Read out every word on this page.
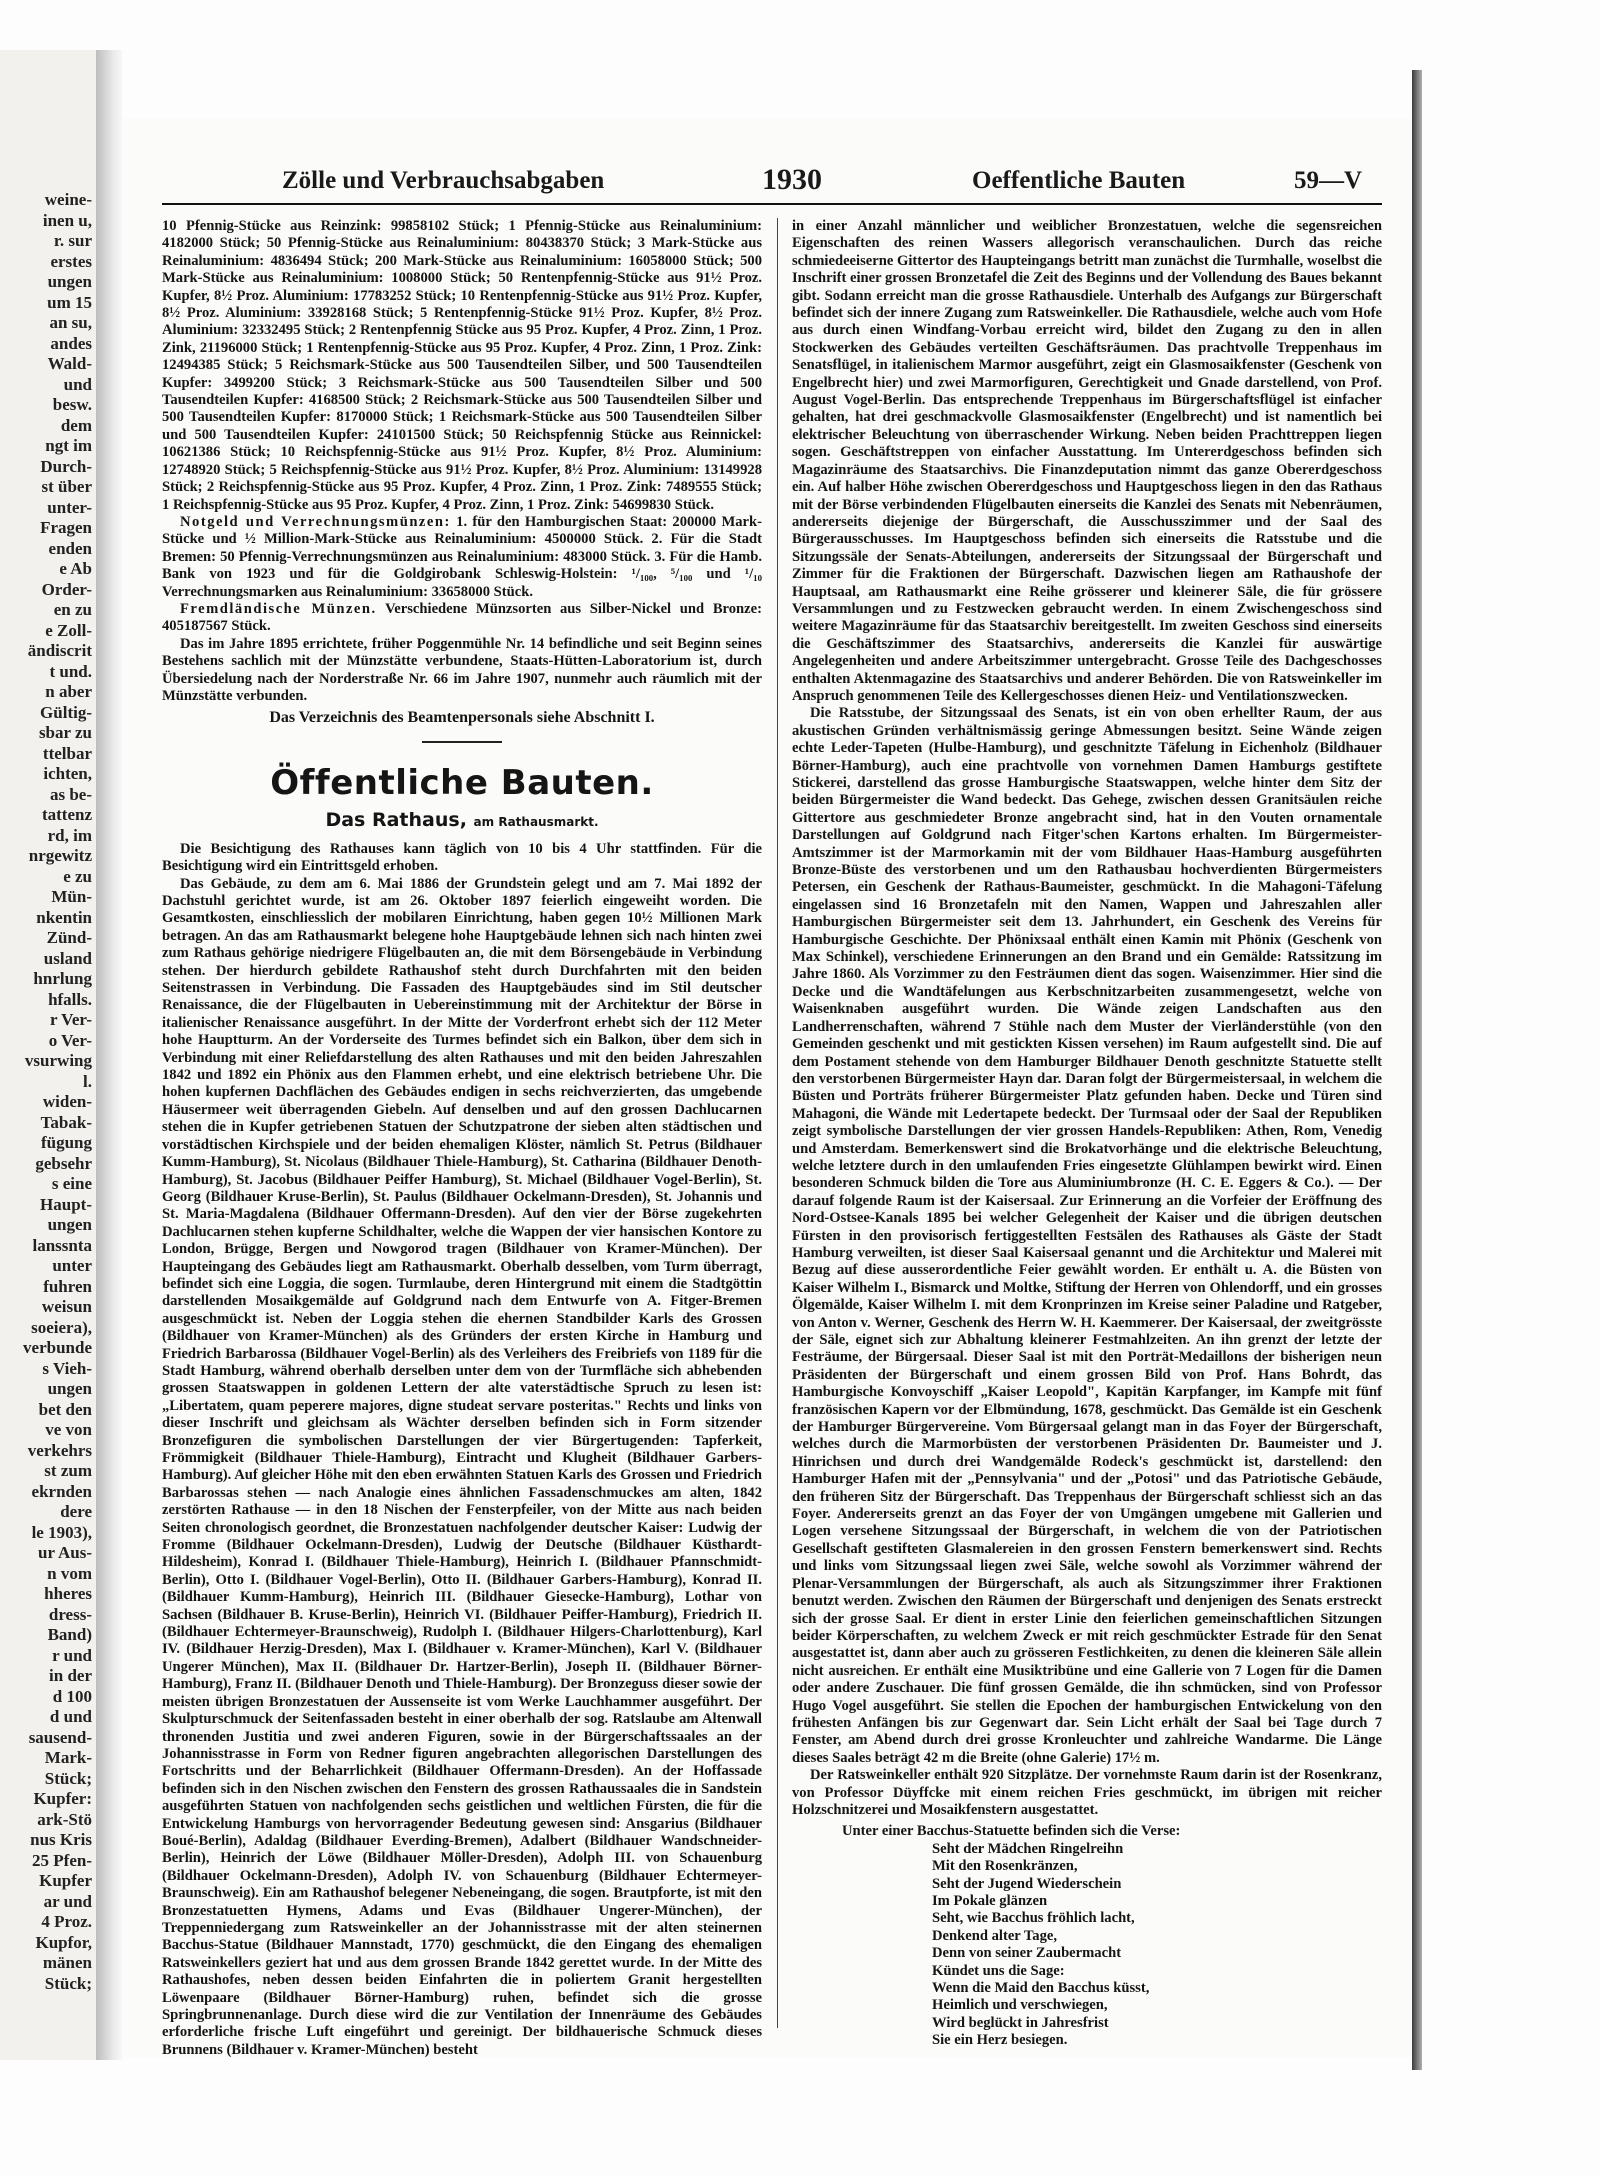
weine-
inen u,
r. sur
erstes
ungen
um 15
an su,
andes
Wald-
und
besw.
dem
ngt im
Durch-
st über
unter-
Fragen
enden
e Ab
Order-
en zu
e Zoll-
ändiscrit
t und.
n aber
Gültig-
sbar zu
ttelbar
ichten,
as be-
tattenz
rd, im
nrgewitz
e zu
Mün-
nkentin
Zünd-
usland
hnrlung
hfalls.
r Ver-
o Ver-
vsurwing
l.
widen-
Tabak-
fügung
gebsehr
s eine
Haupt-
ungen
lanssnta
unter
fuhren
weisun
soeiera),
verbunde
s Vieh-
ungen
bet den
ve von
verkehrs
st zum
ekrnden
dere
le 1903),
ur Aus-
n vom
hheres
dress-
Band)
r und
in der
d 100
d und
sausend-
Mark-
Stück;
Kupfer:
ark-Stö
nus Kris
25 Pfen-
Kupfer
ar und
4 Proz.
Kupfor,
mänen
Stück;
Zölle und Verbrauchsabgaben	1930	Oeffentliche Bauten	59—V

10 Pfennig-Stücke aus Reinzink: 99858102 Stück; 1 Pfennig-Stücke aus Reinaluminium: 4182000 Stück; 50 Pfennig-Stücke aus Reinaluminium: 80438370 Stück; 3 Mark-Stücke aus Reinaluminium: 4836494 Stück; 200 Mark-Stücke aus Reinaluminium: 16058000 Stück; 500 Mark-Stücke aus Reinaluminium: 1008000 Stück; 50 Rentenpfennig-Stücke aus 91½ Proz. Kupfer, 8½ Proz. Aluminium: 17783252 Stück; 10 Rentenpfennig-Stücke aus 91½ Proz. Kupfer, 8½ Proz. Aluminium: 33928168 Stück; 5 Rentenpfennig-Stücke 91½ Proz. Kupfer, 8½ Proz. Aluminium: 32332495 Stück; 2 Rentenpfennig Stücke aus 95 Proz. Kupfer, 4 Proz. Zinn, 1 Proz. Zink, 21196000 Stück; 1 Rentenpfennig-Stücke aus 95 Proz. Kupfer, 4 Proz. Zinn, 1 Proz. Zink: 12494385 Stück; 5 Reichsmark-Stücke aus 500 Tausendteilen Silber, und 500 Tausendteilen Kupfer: 3499200 Stück; 3 Reichsmark-Stücke aus 500 Tausendteilen Silber und 500 Tausendteilen Kupfer: 4168500 Stück; 2 Reichsmark-Stücke aus 500 Tausendteilen Silber und 500 Tausendteilen Kupfer: 8170000 Stück; 1 Reichsmark-Stücke aus 500 Tausendteilen Silber und 500 Tausendteilen Kupfer: 24101500 Stück; 50 Reichspfennig Stücke aus Reinnickel: 10621386 Stück; 10 Reichspfennig-Stücke aus 91½ Proz. Kupfer, 8½ Proz. Aluminium: 12748920 Stück; 5 Reichspfennig-Stücke aus 91½ Proz. Kupfer, 8½ Proz. Aluminium: 13149928 Stück; 2 Reichspfennig-Stücke aus 95 Proz. Kupfer, 4 Proz. Zinn, 1 Proz. Zink: 7489555 Stück; 1 Reichspfennig-Stücke aus 95 Proz. Kupfer, 4 Proz. Zinn, 1 Proz. Zink: 54699830 Stück.

Notgeld und Verrechnungsmünzen: 1. für den Hamburgischen Staat: 200000 Mark-Stücke und ½ Million-Mark-Stücke aus Reinaluminium: 4500000 Stück. 2. Für die Stadt Bremen: 50 Pfennig-Verrechnungsmünzen aus Reinaluminium: 483000 Stück. 3. Für die Hamb. Bank von 1923 und für die Goldgirobank Schleswig-Holstein: ¹/₁₀₀, ⁵/₁₀₀ und ¹/₁₀ Verrechnungsmarken aus Reinaluminium: 33658000 Stück.

Fremdländische Münzen. Verschiedene Münzsorten aus Silber-Nickel und Bronze: 405187567 Stück.

Das im Jahre 1895 errichtete, früher Poggenmühle Nr. 14 befindliche und seit Beginn seines Bestehens sachlich mit der Münzstätte verbundene, Staats-Hütten-Laboratorium ist, durch Übersiedelung nach der Norderstraße Nr. 66 im Jahre 1907, nunmehr auch räumlich mit der Münzstätte verbunden.

Das Verzeichnis des Beamtenpersonals siehe Abschnitt I.

Öffentliche Bauten.
Das Rathaus, am Rathausmarkt.

Die Besichtigung des Rathauses kann täglich von 10 bis 4 Uhr stattfinden. Für die Besichtigung wird ein Eintrittsgeld erhoben.

Das Gebäude, zu dem am 6. Mai 1886 der Grundstein gelegt und am 7. Mai 1892 der Dachstuhl gerichtet wurde, ist am 26. Oktober 1897 feierlich eingeweiht worden. Die Gesamtkosten, einschliesslich der mobilaren Einrichtung, haben gegen 10½ Millionen Mark betragen. An das am Rathausmarkt belegene hohe Hauptgebäude lehnen sich nach hinten zwei zum Rathaus gehörige niedrigere Flügelbauten an, die mit dem Börsengebäude in Verbindung stehen. Der hierdurch gebildete Rathaushof steht durch Durchfahrten mit den beiden Seitenstrassen in Verbindung. Die Fassaden des Hauptgebäudes sind im Stil deutscher Renaissance, die der Flügelbauten in Uebereinstimmung mit der Architektur der Börse in italienischer Renaissance ausgeführt. In der Mitte der Vorderfront erhebt sich der 112 Meter hohe Hauptturm. An der Vorderseite des Turmes befindet sich ein Balkon, über dem sich in Verbindung mit einer Reliefdarstellung des alten Rathauses und mit den beiden Jahreszahlen 1842 und 1892 ein Phönix aus den Flammen erhebt, und eine elektrisch betriebene Uhr. Die hohen kupfernen Dachflächen des Gebäudes endigen in sechs reichverzierten, das umgebende Häusermeer weit überragenden Giebeln. Auf denselben und auf den grossen Dachlucarnen stehen die in Kupfer getriebenen Statuen der Schutzpatrone der sieben alten städtischen und vorstädtischen Kirchspiele und der beiden ehemaligen Klöster, nämlich St. Petrus (Bildhauer Kumm-Hamburg), St. Nicolaus (Bildhauer Thiele-Hamburg), St. Catharina (Bildhauer Denoth-Hamburg), St. Jacobus (Bildhauer Peiffer Hamburg), St. Michael (Bildhauer Vogel-Berlin), St. Georg (Bildhauer Kruse-Berlin), St. Paulus (Bildhauer Ockelmann-Dresden), St. Johannis und St. Maria-Magdalena (Bildhauer Offermann-Dresden). Auf den vier der Börse zugekehrten Dachlucarnen stehen kupferne Schildhalter, welche die Wappen der vier hansischen Kontore zu London, Brügge, Bergen und Nowgorod tragen (Bildhauer von Kramer-München). Der Haupteingang des Gebäudes liegt am Rathausmarkt. Oberhalb desselben, vom Turm überragt, befindet sich eine Loggia, die sogen. Turmlaube, deren Hintergrund mit einem die Stadtgöttin darstellenden Mosaikgemälde auf Goldgrund nach dem Entwurfe von A. Fitger-Bremen ausgeschmückt ist. Neben der Loggia stehen die ehernen Standbilder Karls des Grossen (Bildhauer von Kramer-München) als des Gründers der ersten Kirche in Hamburg und Friedrich Barbarossa (Bildhauer Vogel-Berlin) als des Verleihers des Freibriefs von 1189 für die Stadt Hamburg, während oberhalb derselben unter dem von der Turmfläche sich abhebenden grossen Staatswappen in goldenen Lettern der alte vaterstädtische Spruch zu lesen ist: „Libertatem, quam peperere majores, digne studeat servare posteritas." Rechts und links von dieser Inschrift und gleichsam als Wächter derselben befinden sich in Form sitzender Bronzefiguren die symbolischen Darstellungen der vier Bürgertugenden: Tapferkeit, Frömmigkeit (Bildhauer Thiele-Hamburg), Eintracht und Klugheit (Bildhauer Garbers-Hamburg). Auf gleicher Höhe mit den eben erwähnten Statuen Karls des Grossen und Friedrich Barbarossas stehen — nach Analogie eines ähnlichen Fassadenschmuckes am alten, 1842 zerstörten Rathause — in den 18 Nischen der Fensterpfeiler, von der Mitte aus nach beiden Seiten chronologisch geordnet, die Bronzestatuen nachfolgender deutscher Kaiser: Ludwig der Fromme (Bildhauer Ockelmann-Dresden), Ludwig der Deutsche (Bildhauer Küsthardt-Hildesheim), Konrad I. (Bildhauer Thiele-Hamburg), Heinrich I. (Bildhauer Pfannschmidt-Berlin), Otto I. (Bildhauer Vogel-Berlin), Otto II. (Bildhauer Garbers-Hamburg), Konrad II. (Bildhauer Kumm-Hamburg), Heinrich III. (Bildhauer Giesecke-Hamburg), Lothar von Sachsen (Bildhauer B. Kruse-Berlin), Heinrich VI. (Bildhauer Peiffer-Hamburg), Friedrich II. (Bildhauer Echtermeyer-Braunschweig), Rudolph I. (Bildhauer Hilgers-Charlottenburg), Karl IV. (Bildhauer Herzig-Dresden), Max I. (Bildhauer v. Kramer-München), Karl V. (Bildhauer Ungerer München), Max II. (Bildhauer Dr. Hartzer-Berlin), Joseph II. (Bildhauer Börner-Hamburg), Franz II. (Bildhauer Denoth und Thiele-Hamburg). Der Bronzeguss dieser sowie der meisten übrigen Bronzestatuen der Aussenseite ist vom Werke Lauchhammer ausgeführt. Der Skulpturschmuck der Seitenfassaden besteht in einer oberhalb der sog. Ratslaube am Altenwall thronenden Justitia und zwei anderen Figuren, sowie in der Bürgerschaftssaales an der Johannisstrasse in Form von Redner figuren angebrachten allegorischen Darstellungen des Fortschritts und der Beharrlichkeit (Bildhauer Offermann-Dresden). An der Hoffassade befinden sich in den Nischen zwischen den Fenstern des grossen Rathaussaales die in Sandstein ausgeführten Statuen von nachfolgenden sechs geistlichen und weltlichen Fürsten, die für die Entwickelung Hamburgs von hervorragender Bedeutung gewesen sind: Ansgarius (Bildhauer Boué-Berlin), Adaldag (Bildhauer Everding-Bremen), Adalbert (Bildhauer Wandschneider-Berlin), Heinrich der Löwe (Bildhauer Möller-Dresden), Adolph III. von Schauenburg (Bildhauer Ockelmann-Dresden), Adolph IV. von Schauenburg (Bildhauer Echtermeyer-Braunschweig). Ein am Rathaushof belegener Nebeneingang, die sogen. Brautpforte, ist mit den Bronzestatuetten Hymens, Adams und Evas (Bildhauer Ungerer-München), der Treppenniedergang zum Ratsweinkeller an der Johannisstrasse mit der alten steinernen Bacchus-Statue (Bildhauer Mannstadt, 1770) geschmückt, die den Eingang des ehemaligen Ratsweinkellers geziert hat und aus dem grossen Brande 1842 gerettet wurde. In der Mitte des Rathaushofes, neben dessen beiden Einfahrten die in poliertem Granit hergestellten Löwenpaare (Bildhauer Börner-Hamburg) ruhen, befindet sich die grosse Springbrunnenanlage. Durch diese wird die zur Ventilation der Innenräume des Gebäudes erforderliche frische Luft eingeführt und gereinigt. Der bildhauerische Schmuck dieses Brunnens (Bildhauer v. Kramer-München) besteht

in einer Anzahl männlicher und weiblicher Bronzestatuen, welche die segensreichen Eigenschaften des reinen Wassers allegorisch veranschaulichen. Durch das reiche schmiedeeiserne Gittertor des Haupteingangs betritt man zunächst die Turmhalle, woselbst die Inschrift einer grossen Bronzetafel die Zeit des Beginns und der Vollendung des Baues bekannt gibt. Sodann erreicht man die grosse Rathausdiele. Unterhalb des Aufgangs zur Bürgerschaft befindet sich der innere Zugang zum Ratsweinkeller. Die Rathausdiele, welche auch vom Hofe aus durch einen Windfang-Vorbau erreicht wird, bildet den Zugang zu den in allen Stockwerken des Gebäudes verteilten Geschäftsräumen. Das prachtvolle Treppenhaus im Senatsflügel, in italienischem Marmor ausgeführt, zeigt ein Glasmosaikfenster (Geschenk von Engelbrecht hier) und zwei Marmorfiguren, Gerechtigkeit und Gnade darstellend, von Prof. August Vogel-Berlin. Das entsprechende Treppenhaus im Bürgerschaftsflügel ist einfacher gehalten, hat drei geschmackvolle Glasmosaikfenster (Engelbrecht) und ist namentlich bei elektrischer Beleuchtung von überraschender Wirkung. Neben beiden Prachttreppen liegen sogen. Geschäftstreppen von einfacher Ausstattung. Im Untererdgeschoss befinden sich Magazinräume des Staatsarchivs. Die Finanzdeputation nimmt das ganze Obererdgeschoss ein. Auf halber Höhe zwischen Obererdgeschoss und Hauptgeschoss liegen in den das Rathaus mit der Börse verbindenden Flügelbauten einerseits die Kanzlei des Senats mit Nebenräumen, andererseits diejenige der Bürgerschaft, die Ausschusszimmer und der Saal des Bürgerausschusses. Im Hauptgeschoss befinden sich einerseits die Ratsstube und die Sitzungssäle der Senats-Abteilungen, andererseits der Sitzungssaal der Bürgerschaft und Zimmer für die Fraktionen der Bürgerschaft. Dazwischen liegen am Rathaushofe der Hauptsaal, am Rathausmarkt eine Reihe grösserer und kleinerer Säle, die für grössere Versammlungen und zu Festzwecken gebraucht werden. In einem Zwischengeschoss sind weitere Magazinräume für das Staatsarchiv bereitgestellt. Im zweiten Geschoss sind einerseits die Geschäftszimmer des Staatsarchivs, andererseits die Kanzlei für auswärtige Angelegenheiten und andere Arbeitszimmer untergebracht. Grosse Teile des Dachgeschosses enthalten Aktenmagazine des Staatsarchivs und anderer Behörden. Die von Ratsweinkeller im Anspruch genommenen Teile des Kellergeschosses dienen Heiz- und Ventilationszwecken.

Die Ratsstube, der Sitzungssaal des Senats, ist ein von oben erhellter Raum, der aus akustischen Gründen verhältnismässig geringe Abmessungen besitzt. Seine Wände zeigen echte Leder-Tapeten (Hulbe-Hamburg), und geschnitzte Täfelung in Eichenholz (Bildhauer Börner-Hamburg), auch eine prachtvolle von vornehmen Damen Hamburgs gestiftete Stickerei, darstellend das grosse Hamburgische Staatswappen, welche hinter dem Sitz der beiden Bürgermeister die Wand bedeckt. Das Gehege, zwischen dessen Granitsäulen reiche Gittertore aus geschmiedeter Bronze angebracht sind, hat in den Vouten ornamentale Darstellungen auf Goldgrund nach Fitger'schen Kartons erhalten. Im Bürgermeister-Amtszimmer ist der Marmorkamin mit der vom Bildhauer Haas-Hamburg ausgeführten Bronze-Büste des verstorbenen und um den Rathausbau hochverdienten Bürgermeisters Petersen, ein Geschenk der Rathaus-Baumeister, geschmückt. In die Mahagoni-Täfelung eingelassen sind 16 Bronzetafeln mit den Namen, Wappen und Jahreszahlen aller Hamburgischen Bürgermeister seit dem 13. Jahrhundert, ein Geschenk des Vereins für Hamburgische Geschichte. Der Phönixsaal enthält einen Kamin mit Phönix (Geschenk von Max Schinkel), verschiedene Erinnerungen an den Brand und ein Gemälde: Ratssitzung im Jahre 1860. Als Vorzimmer zu den Festräumen dient das sogen. Waisenzimmer. Hier sind die Decke und die Wandtäfelungen aus Kerbschnitzarbeiten zusammengesetzt, welche von Waisenknaben ausgeführt wurden. Die Wände zeigen Landschaften aus den Landherrenschaften, während 7 Stühle nach dem Muster der Vierländerstühle (von den Gemeinden geschenkt und mit gestickten Kissen versehen) im Raum aufgestellt sind. Die auf dem Postament stehende von dem Hamburger Bildhauer Denoth geschnitzte Statuette stellt den verstorbenen Bürgermeister Hayn dar. Daran folgt der Bürgermeistersaal, in welchem die Büsten und Porträts früherer Bürgermeister Platz gefunden haben. Decke und Türen sind Mahagoni, die Wände mit Ledertapete bedeckt. Der Turmsaal oder der Saal der Republiken zeigt symbolische Darstellungen der vier grossen Handels-Republiken: Athen, Rom, Venedig und Amsterdam. Bemerkenswert sind die Brokatvorhänge und die elektrische Beleuchtung, welche letztere durch in den umlaufenden Fries eingesetzte Glühlampen bewirkt wird. Einen besonderen Schmuck bilden die Tore aus Aluminiumbronze (H. C. E. Eggers & Co.). — Der darauf folgende Raum ist der Kaisersaal. Zur Erinnerung an die Vorfeier der Eröffnung des Nord-Ostsee-Kanals 1895 bei welcher Gelegenheit der Kaiser und die übrigen deutschen Fürsten in den provisorisch fertiggestellten Festsälen des Rathauses als Gäste der Stadt Hamburg verweilten, ist dieser Saal Kaisersaal genannt und die Architektur und Malerei mit Bezug auf diese ausserordentliche Feier gewählt worden. Er enthält u. A. die Büsten von Kaiser Wilhelm I., Bismarck und Moltke, Stiftung der Herren von Ohlendorff, und ein grosses Ölgemälde, Kaiser Wilhelm I. mit dem Kronprinzen im Kreise seiner Paladine und Ratgeber, von Anton v. Werner, Geschenk des Herrn W. H. Kaemmerer. Der Kaisersaal, der zweitgrösste der Säle, eignet sich zur Abhaltung kleinerer Festmahlzeiten. An ihn grenzt der letzte der Festräume, der Bürgersaal. Dieser Saal ist mit den Porträt-Medaillons der bisherigen neun Präsidenten der Bürgerschaft und einem grossen Bild von Prof. Hans Bohrdt, das Hamburgische Konvoyschiff „Kaiser Leopold", Kapitän Karpfanger, im Kampfe mit fünf französischen Kapern vor der Elbmündung, 1678, geschmückt. Das Gemälde ist ein Geschenk der Hamburger Bürgervereine. Vom Bürgersaal gelangt man in das Foyer der Bürgerschaft, welches durch die Marmorbüsten der verstorbenen Präsidenten Dr. Baumeister und J. Hinrichsen und durch drei Wandgemälde Rodeck's geschmückt ist, darstellend: den Hamburger Hafen mit der „Pennsylvania" und der „Potosi" und das Patriotische Gebäude, den früheren Sitz der Bürgerschaft. Das Treppenhaus der Bürgerschaft schliesst sich an das Foyer. Andererseits grenzt an das Foyer der von Umgängen umgebene mit Gallerien und Logen versehene Sitzungssaal der Bürgerschaft, in welchem die von der Patriotischen Gesellschaft gestifteten Glasmalereien in den grossen Fenstern bemerkenswert sind. Rechts und links vom Sitzungssaal liegen zwei Säle, welche sowohl als Vorzimmer während der Plenar-Versammlungen der Bürgerschaft, als auch als Sitzungszimmer ihrer Fraktionen benutzt werden. Zwischen den Räumen der Bürgerschaft und denjenigen des Senats erstreckt sich der grosse Saal. Er dient in erster Linie den feierlichen gemeinschaftlichen Sitzungen beider Körperschaften, zu welchem Zweck er mit reich geschmückter Estrade für den Senat ausgestattet ist, dann aber auch zu grösseren Festlichkeiten, zu denen die kleineren Säle allein nicht ausreichen. Er enthält eine Musiktribüne und eine Gallerie von 7 Logen für die Damen oder andere Zuschauer. Die fünf grossen Gemälde, die ihn schmücken, sind von Professor Hugo Vogel ausgeführt. Sie stellen die Epochen der hamburgischen Entwickelung von den frühesten Anfängen bis zur Gegenwart dar. Sein Licht erhält der Saal bei Tage durch 7 Fenster, am Abend durch drei grosse Kronleuchter und zahlreiche Wandarme. Die Länge dieses Saales beträgt 42 m die Breite (ohne Galerie) 17½ m.

Der Ratsweinkeller enthält 920 Sitzplätze. Der vornehmste Raum darin ist der Rosenkranz, von Professor Düyffcke mit einem reichen Fries geschmückt, im übrigen mit reicher Holzschnitzerei und Mosaikfenstern ausgestattet.

Unter einer Bacchus-Statuette befinden sich die Verse:

Seht der Mädchen Ringelreihn

Mit den Rosenkränzen,

Seht der Jugend Wiederschein

Im Pokale glänzen

Seht, wie Bacchus fröhlich lacht,

Denkend alter Tage,

Denn von seiner Zaubermacht

Kündet uns die Sage:

Wenn die Maid den Bacchus küsst,

Heimlich und verschwiegen,

Wird beglückt in Jahresfrist

Sie ein Herz besiegen.
